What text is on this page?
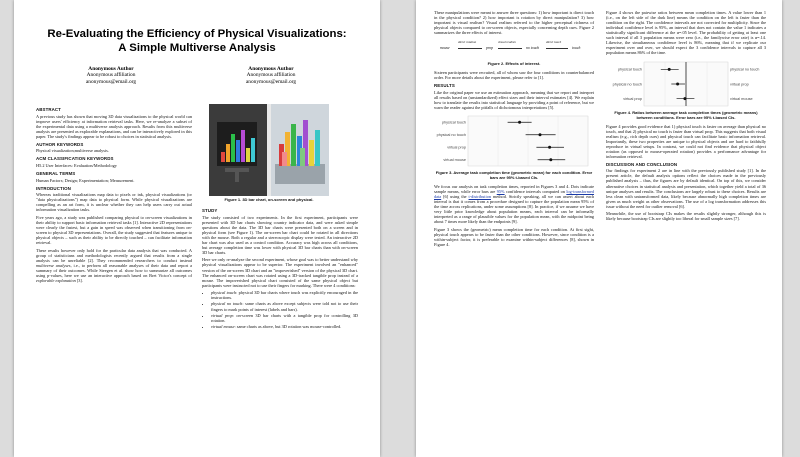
Re-Evaluating the Efficiency of Physical Visualizations: A Simple Multiverse Analysis
Anonymous Author
Anonymous affiliation
anonymous@email.org
Anonymous Author
Anonymous affiliation
anonymous@email.org
Figure 1. 3D bar chart, on-screen and physical.
ABSTRACT

A previous study has shown that moving 3D data visualizations to the physical world can improve users' efficiency at information retrieval tasks. Here, we re-analyze a subset of the experimental data using a multiverse analysis approach. Results from this multiverse analysis are presented as explorable explanations, and can be interactively explored in this paper. The study's findings appear to be robust to choices in statistical analysis.

AUTHOR KEYWORDS

Physical visualization;multiverse analysis.

ACM CLASSIFICATION KEYWORDS

H5.2 User Interfaces: Evaluation/Methodology

GENERAL TERMS

Human Factors; Design; Experimentation; Measurement.

INTRODUCTION

Whereas traditional visualizations map data to pixels or ink, physical visualizations (or "data physicalizations") map data to physical form. While physical visualizations are compelling as an art form, it is unclear whether they can help users carry out actual information visualization tasks.

Five years ago, a study was published comparing physical to on-screen visualizations in their ability to support basic information retrieval tasks [1]. Interactive 2D representations were clearly the fastest, but a gain in speed was observed when transitioning from on-screen to physical 3D representations. Overall, the study suggested that features unique to physical objects – such as their ability to be directly touched – can facilitate information retrieval.

These results however only hold for the particular data analysis that was conducted. A group of statisticians and methodologists recently argued that results from a single analysis can be unreliable [2]. They recommended researchers to conduct instead multiverse analyses, i.e., to perform all reasonable analyses of their data and report a summary of their outcomes. While Steegen et al. show how to summarize all outcomes using p-values, here we use an interactive approach based on Bret Victor's concept of explorable explanation [3].

STUDY

The study consisted of two experiments. In the first experiment, participants were presented with 3D bar charts showing country indicator data, and were asked simple questions about the data. The 3D bar charts were presented both on a screen and in physical form (see Figure 1). The on-screen bar chart could be rotated in all directions with the mouse. Both a regular and a stereoscopic display were tested. An interactive 2D bar chart was also used as a control condition. Accuracy was high across all conditions, but average completion time was lower with physical 3D bar charts than with on-screen 3D bar charts.

Here we only re-analyze the second experiment, whose goal was to better understand why physical visualizations appear to be superior. The experiment involved an "enhanced" version of the on-screen 3D chart and an "impoverished" version of the physical 3D chart. The enhanced on-screen chart was rotated using a 3D-tracked tangible prop instead of a mouse. The impoverished physical chart consisted of the same physical object but participants were instructed not to use their fingers for marking. There were 4 conditions:

• physical touch: physical 3D bar charts where touch was explicitly encouraged in the instructions.
• physical no touch: same charts as above except subjects were told not to use their fingers to mark points of interest (labels and bars).
• virtual prop: on-screen 3D bar charts with a tangible prop for controlling 3D rotation.
• virtual mouse: same charts as above, but 3D rotation was mouse-controlled.

These manipulations were meant to answer three questions: 1) how important is direct touch in the physical condition? 2) how important is rotation by direct manipulation? 3) how important is visual realism? Visual realism referred to the higher perceptual richness of physical objects compared to on-screen objects, especially concerning depth cues. Figure 2 summarizes the three effects of interest.

mouse
direct rotation
prop
visual realism
no touch
direct touch
touch
Figure 2. Effects of interest.

Sixteen participants were recruited, all of whom saw the four conditions in counterbalanced order. For more details about the experiment, please refer to [1].

RESULTS

Like the original paper we use an estimation approach, meaning that we report and interpret all results based on (unstandardized) effect sizes and their interval estimates [4]. We explain how to translate the results into statistical language by providing a point of reference, but we warn the reader against the pitfalls of dichotomous interpretations [5].

physical touch
physical no touch
virtual prop
virtual mouse
Figure 3. Average task completion time (geometric mean) for each condition. Error bars are 95% t-based CIs.

We focus our analysis on task completion times, reported in Figures 3 and 4. Dots indicate sample means, while error bars are 95% confidence intervals computed on log-transformed data [6] using the t-distribution method. Strictly speaking, all we can assert about each interval is that it comes from a procedure designed to capture the population mean 95% of the time across replications, under some assumptions [8]. In practice, if we assume we have very little prior knowledge about population means, each interval can be informally interpreted as a range of plausible values for the population mean, with the midpoint being about 7 times more likely than the endpoints [9].

Figure 3 shows the (geometric) mean completion time for each condition. At first sight, physical touch appears to be faster than the other conditions. However, since condition is a within-subject factor, it is preferable to examine within-subject differences [8], shown in Figure 4.

Figure 4 shows the pairwise ratios between mean completion times. A value lower than 1 (i.e., on the left side of the dark line) means the condition on the left is faster than the condition on the right. The confidence intervals are not corrected for multiplicity. Since the individual confidence level is 95%, an interval that does not contain the value 1 indicates a statistically significant difference at the α=.05 level. The probability of getting at least one such interval if all 3 population means were zero (i.e., the familywise error rate) is α=.14. Likewise, the simultaneous confidence level is 86%, meaning that if we replicate our experiment over and over, we should expect the 3 confidence intervals to capture all 3 population means 86% of the time.

physical touch	physical no touch
physical no touch	virtual prop
virtual prop	virtual mouse
Figure 4. Ratios between average task completion times (geometric means) between conditions. Error bars are 95% t-based CIs.

Figure 4 provides good evidence that 1) physical touch is faster on average than physical no touch, and that 2) physical no touch is faster than virtual prop. This suggests that both visual realism (e.g., rich depth cues) and physical touch can facilitate basic information retrieval. Importantly, these two properties are unique to physical objects and are hard to faithfully reproduce in virtual setups. In contrast, we could not find evidence that physical object rotation (as opposed to mouse-operated rotation) provides a performance advantage for information retrieval.

DISCUSSION AND CONCLUSION

Our findings for experiment 2 are in line with the previously published study [1]. In the present article, the default analysis options reflect the choices made in the previously published analysis – thus, the figures are by default identical. On top of this, we consider alternative choices in statistical analysis and presentation, which together yield a total of 36 unique analyses and results. The conclusions are largely robust to these choices. Results are less clean with untransformed data, likely because abnormally high completion times are given as much weight as other observations. The use of a log transformation addresses this issue without the need for outlier removal [6].

Meanwhile, the use of bootstrap CIs makes the results slightly stronger, although this is likely because bootstrap CIs are slightly too liberal for small sample sizes [7].
